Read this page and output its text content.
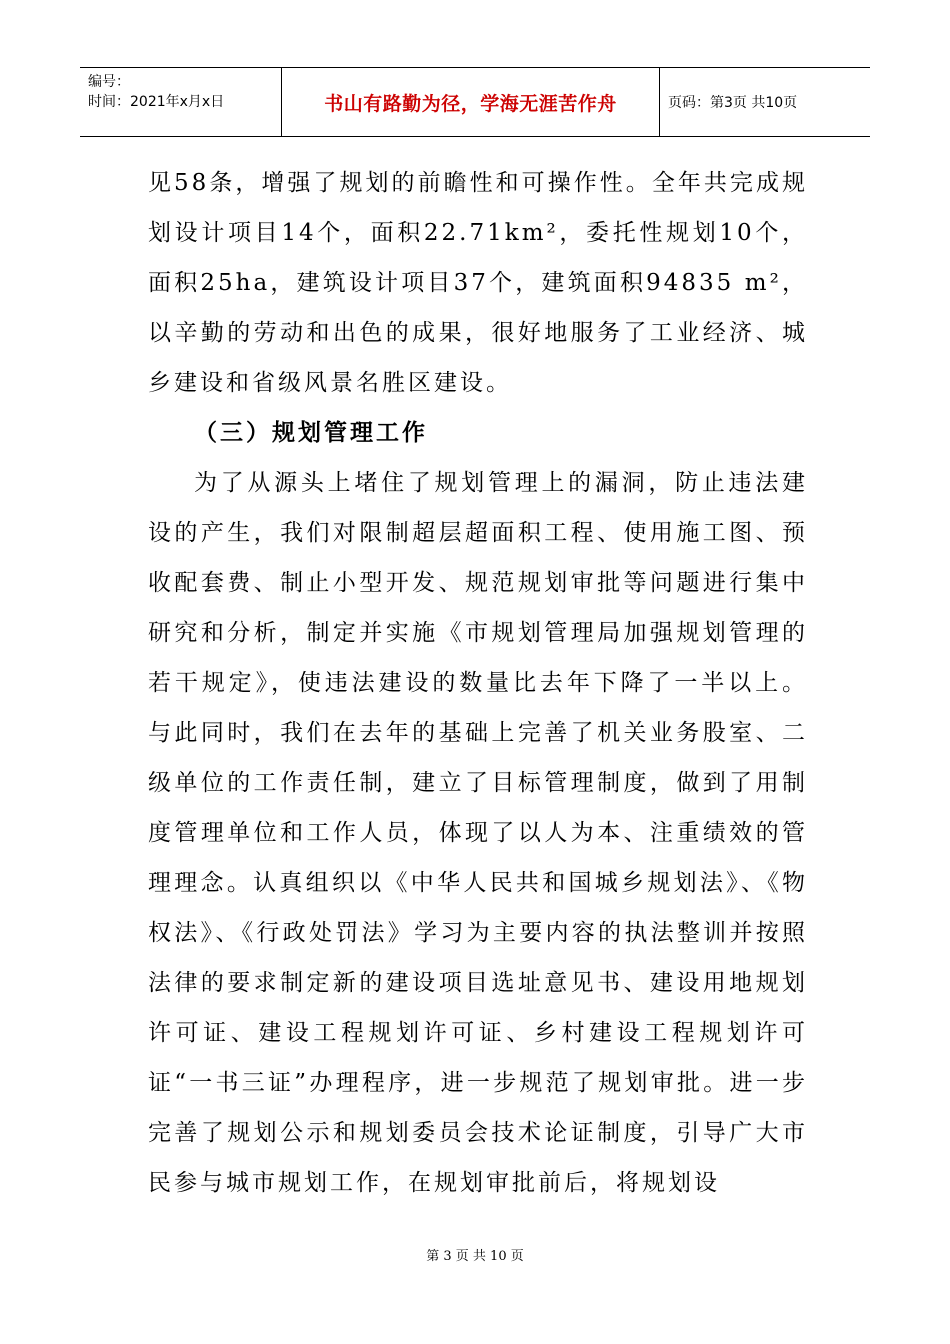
编号：
时间：2021年x月x日	书山有路勤为径，学海无涯苦作舟	页码：第3页 共10页

见58条，增强了规划的前瞻性和可操作性。全年共完成规划设计项目14个，面积22.71km²，委托性规划10个，面积25ha，建筑设计项目37个，建筑面积94835 m²，以辛勤的劳动和出色的成果，很好地服务了工业经济、城乡建设和省级风景名胜区建设。

（三）规划管理工作

为了从源头上堵住了规划管理上的漏洞，防止违法建设的产生，我们对限制超层超面积工程、使用施工图、预收配套费、制止小型开发、规范规划审批等问题进行集中研究和分析，制定并实施《市规划管理局加强规划管理的若干规定》，使违法建设的数量比去年下降了一半以上。与此同时，我们在去年的基础上完善了机关业务股室、二级单位的工作责任制，建立了目标管理制度，做到了用制度管理单位和工作人员，体现了以人为本、注重绩效的管理理念。认真组织以《中华人民共和国城乡规划法》、《物权法》、《行政处罚法》学习为主要内容的执法整训并按照法律的要求制定新的建设项目选址意见书、建设用地规划许可证、建设工程规划许可证、乡村建设工程规划许可证“一书三证”办理程序，进一步规范了规划审批。进一步完善了规划公示和规划委员会技术论证制度，引导广大市民参与城市规划工作，在规划审批前后，将规划设

第 3 页 共 10 页
